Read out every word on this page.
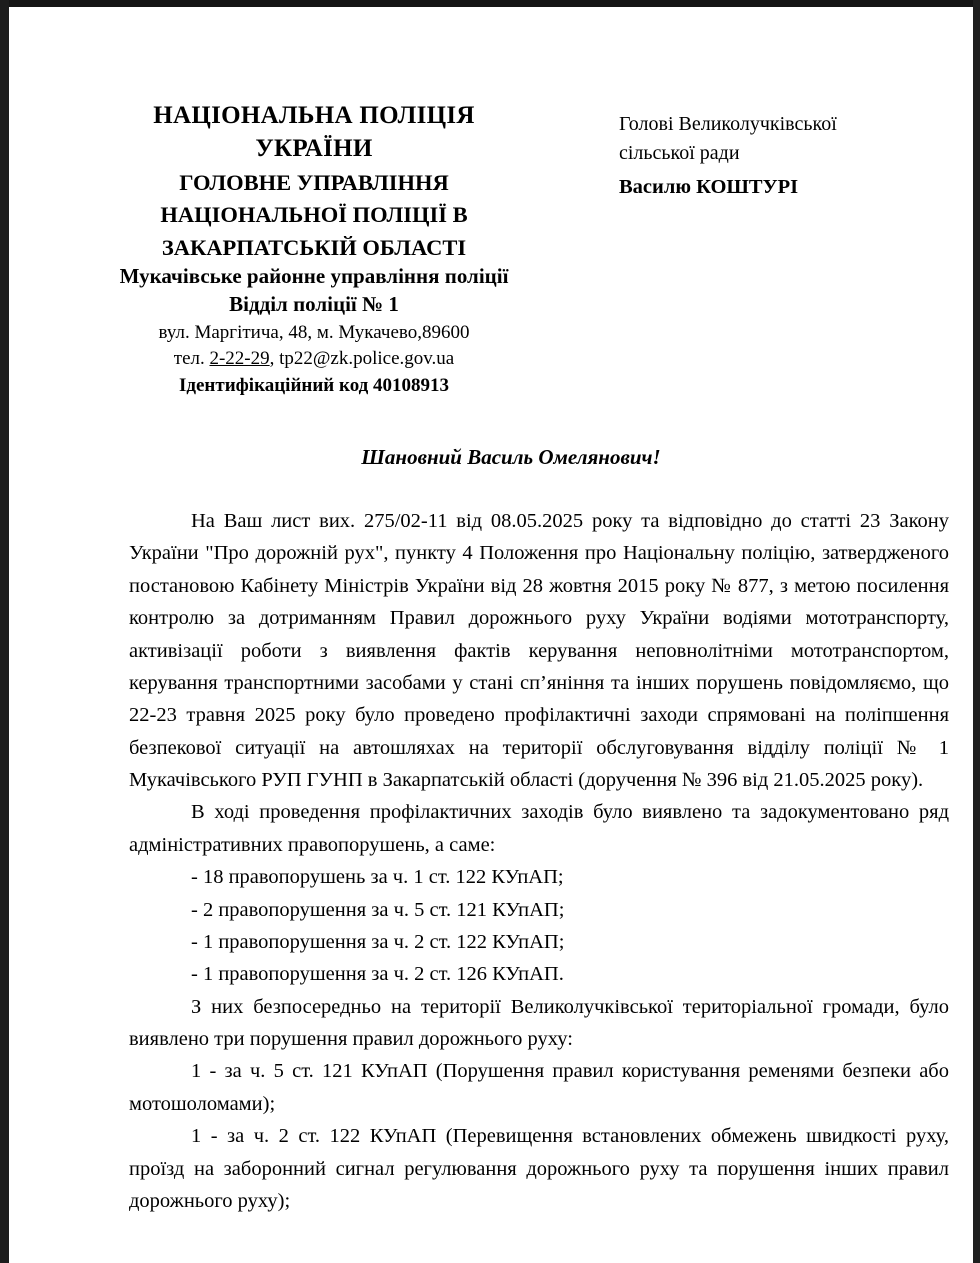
НАЦІОНАЛЬНА ПОЛІЦІЯ
УКРАЇНИ
ГОЛОВНЕ УПРАВЛІННЯ
НАЦІОНАЛЬНОЇ ПОЛІЦІЇ В
ЗАКАРПАТСЬКІЙ ОБЛАСТІ
Мукачівське районне управління поліції
Відділ поліції № 1
вул. Маргітича, 48, м. Мукачево,89600
тел. 2-22-29, tp22@zk.police.gov.ua
Ідентифікаційний код 40108913
Голові Великолучківської
сільської ради
Василю КОШТУРІ
Шановний Василь Омелянович!

На Ваш лист вих. 275/02-11 від 08.05.2025 року та відповідно до статті 23 Закону України "Про дорожній рух", пункту 4 Положення про Національну поліцію, затвердженого постановою Кабінету Міністрів України від 28 жовтня 2015 року № 877, з метою посилення контролю за дотриманням Правил дорожнього руху України водіями мототранспорту, активізації роботи з виявлення фактів керування неповнолітніми мототранспортом, керування транспортними засобами у стані сп’яніння та інших порушень повідомляємо, що 22-23 травня 2025 року було проведено профілактичні заходи спрямовані на поліпшення безпекової ситуації на автошляхах на території обслуговування відділу поліції № 1 Мукачівського РУП ГУНП в Закарпатській області (доручення № 396 від 21.05.2025 року).

В ході проведення профілактичних заходів було виявлено та задокументовано ряд адміністративних правопорушень, а саме:

- 18 правопорушень за ч. 1 ст. 122 КУпАП;

- 2 правопорушення за ч. 5 ст. 121 КУпАП;

- 1 правопорушення за ч. 2 ст. 122 КУпАП;

- 1 правопорушення за ч. 2 ст. 126 КУпАП.

З них безпосередньо на території Великолучківської територіальної громади, було виявлено три порушення правил дорожнього руху:

1 - за ч. 5 ст. 121 КУпАП (Порушення правил користування ременями безпеки або мотошоломами);

1 - за ч. 2 ст. 122 КУпАП (Перевищення встановлених обмежень швидкості руху, проїзд на заборонний сигнал регулювання дорожнього руху та порушення інших правил дорожнього руху);
